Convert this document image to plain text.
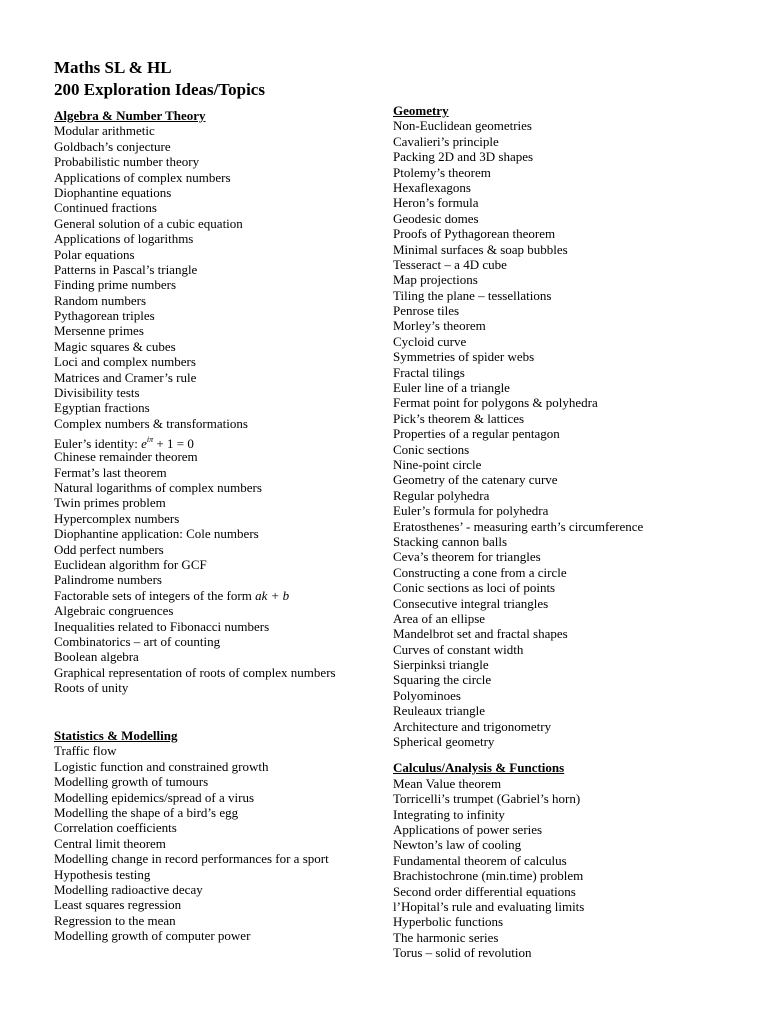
Maths SL & HL
200 Exploration Ideas/Topics
Algebra & Number Theory
Modular arithmetic
Goldbach’s conjecture
Probabilistic number theory
Applications of complex numbers
Diophantine equations
Continued fractions
General solution of a cubic equation
Applications of logarithms
Polar equations
Patterns in Pascal’s triangle
Finding prime numbers
Random numbers
Pythagorean triples
Mersenne primes
Magic squares & cubes
Loci and complex numbers
Matrices and Cramer’s rule
Divisibility tests
Egyptian fractions
Complex numbers & transformations
Euler’s identity: $e^{i\pi} + 1 = 0$
Chinese remainder theorem
Fermat’s last theorem
Natural logarithms of complex numbers
Twin primes problem
Hypercomplex numbers
Diophantine application: Cole numbers
Odd perfect numbers
Euclidean algorithm for GCF
Palindrome numbers
Factorable sets of integers of the form ak + b
Algebraic congruences
Inequalities related to Fibonacci numbers
Combinatorics – art of counting
Boolean algebra
Graphical representation of roots of complex numbers
Roots of unity
Statistics & Modelling
Traffic flow
Logistic function and constrained growth
Modelling growth of tumours
Modelling epidemics/spread of a virus
Modelling the shape of a bird’s egg
Correlation coefficients
Central limit theorem
Modelling change in record performances for a sport
Hypothesis testing
Modelling radioactive decay
Least squares regression
Regression to the mean
Modelling growth of computer power
Geometry
Non-Euclidean geometries
Cavalieri’s principle
Packing 2D and 3D shapes
Ptolemy’s theorem
Hexaflexagons
Heron’s formula
Geodesic domes
Proofs of Pythagorean theorem
Minimal surfaces & soap bubbles
Tesseract – a 4D cube
Map projections
Tiling the plane – tessellations
Penrose tiles
Morley’s theorem
Cycloid curve
Symmetries of spider webs
Fractal tilings
Euler line of a triangle
Fermat point for polygons & polyhedra
Pick’s theorem & lattices
Properties of a regular pentagon
Conic sections
Nine-point circle
Geometry of the catenary curve
Regular polyhedra
Euler’s formula for polyhedra
Eratosthenes’ - measuring earth’s circumference
Stacking cannon balls
Ceva’s theorem for triangles
Constructing a cone from a circle
Conic sections as loci of points
Consecutive integral triangles
Area of an ellipse
Mandelbrot set and fractal shapes
Curves of constant width
Sierpinksi triangle
Squaring the circle
Polyominoes
Reuleaux triangle
Architecture and trigonometry
Spherical geometry
Calculus/Analysis & Functions
Mean Value theorem
Torricelli’s trumpet (Gabriel’s horn)
Integrating to infinity
Applications of power series
Newton’s law of cooling
Fundamental theorem of calculus
Brachistochrone (min.time) problem
Second order differential equations
l’Hopital’s rule and evaluating limits
Hyperbolic functions
The harmonic series
Torus – solid of revolution
